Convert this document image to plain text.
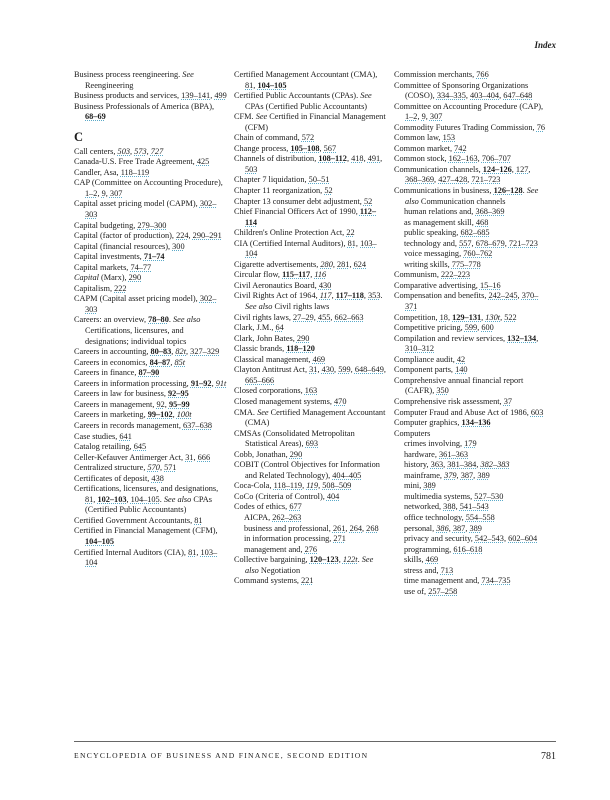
Index
Business process reengineering. See Reengineering
Business products and services, 139–141, 499
Business Professionals of America (BPA), 68–69
C
Call centers, 503, 573, 727
Canada-U.S. Free Trade Agreement, 425
Candler, Asa, 118–119
CAP (Committee on Accounting Procedure), 1–2, 9, 307
Capital asset pricing model (CAPM), 302–303
Capital budgeting, 279–300
Capital (factor of production), 224, 290–291
Capital (financial resources), 300
Capital investments, 71–74
Capital markets, 74–77
Capital (Marx), 290
Capitalism, 222
CAPM (Capital asset pricing model), 302–303
Careers: an overview, 78–80. See also Certifications, licensures, and designations; individual topics
Careers in accounting, 80–83, 82t, 327–329
Careers in economics, 84–87, 85t
Careers in finance, 87–90
Careers in information processing, 91–92, 91t
Careers in law for business, 92–95
Careers in management, 92, 95–99
Careers in marketing, 99–102, 100t
Careers in records management, 637–638
Case studies, 641
Catalog retailing, 645
Celler-Kefauver Antimerger Act, 31, 666
Centralized structure, 570, 571
Certificates of deposit, 438
Certifications, licensures, and designations, 81, 102–103, 104–105. See also CPAs (Certified Public Accountants)
Certified Government Accountants, 81
Certified in Financial Management (CFM), 104–105
Certified Internal Auditors (CIA), 81, 103–104
Certified Management Accountant (CMA), 81, 104–105
Certified Public Accountants (CPAs). See CPAs (Certified Public Accountants)
CFM. See Certified in Financial Management (CFM)
Chain of command, 572
Change process, 105–108, 567
Channels of distribution, 108–112, 418, 491, 503
Chapter 7 liquidation, 50–51
Chapter 11 reorganization, 52
Chapter 13 consumer debt adjustment, 52
Chief Financial Officers Act of 1990, 112–114
Children's Online Protection Act, 22
CIA (Certified Internal Auditors), 81, 103–104
Cigarette advertisements, 280, 281, 624
Circular flow, 115–117, 116
Civil Aeronautics Board, 430
Civil Rights Act of 1964, 117, 117–118, 353. See also Civil rights laws
Civil rights laws, 27–29, 455, 662–663
Clark, J.M., 64
Clark, John Bates, 290
Classic brands, 118–120
Classical management, 469
Clayton Antitrust Act, 31, 430, 599, 648–649, 665–666
Closed corporations, 163
Closed management systems, 470
CMA. See Certified Management Accountant (CMA)
CMSAs (Consolidated Metropolitan Statistical Areas), 693
Cobb, Jonathan, 290
COBIT (Control Objectives for Information and Related Technology), 404–405
Coca-Cola, 118–119, 119, 508–509
CoCo (Criteria of Control), 404
Codes of ethics, 677
AICPA, 262–263
business and professional, 261, 264, 268
in information processing, 271
management and, 276
Collective bargaining, 120–123, 122t. See also Negotiation
Command systems, 221
Commission merchants, 766
Committee of Sponsoring Organizations (COSO), 334–335, 403–404, 647–648
Committee on Accounting Procedure (CAP), 1–2, 9, 307
Commodity Futures Trading Commission, 76
Common law, 153
Common market, 742
Common stock, 162–163, 706–707
Communication channels, 124–126, 127, 368–369, 427–428, 721–723
Communications in business, 126–128. See also Communication channels
human relations and, 368–369
as management skill, 468
public speaking, 682–685
technology and, 557, 678–679, 721–723
voice messaging, 760–762
writing skills, 775–778
Communism, 222–223
Comparative advertising, 15–16
Compensation and benefits, 242–245, 370–371
Competition, 18, 129–131, 130t, 522
Competitive pricing, 599, 600
Compilation and review services, 132–134, 310–312
Compliance audit, 42
Component parts, 140
Comprehensive annual financial report (CAFR), 350
Comprehensive risk assessment, 37
Computer Fraud and Abuse Act of 1986, 603
Computer graphics, 134–136
Computers
crimes involving, 179
hardware, 361–363
history, 363, 381–384, 382–383
mainframe, 379, 387, 389
mini, 389
multimedia systems, 527–530
networked, 388, 541–543
office technology, 554–558
personal, 386, 387, 389
privacy and security, 542–543, 602–604
programming, 616–618
skills, 469
stress and, 713
time management and, 734–735
use of, 257–258
ENCYCLOPEDIA OF BUSINESS AND FINANCE, SECOND EDITION	781
